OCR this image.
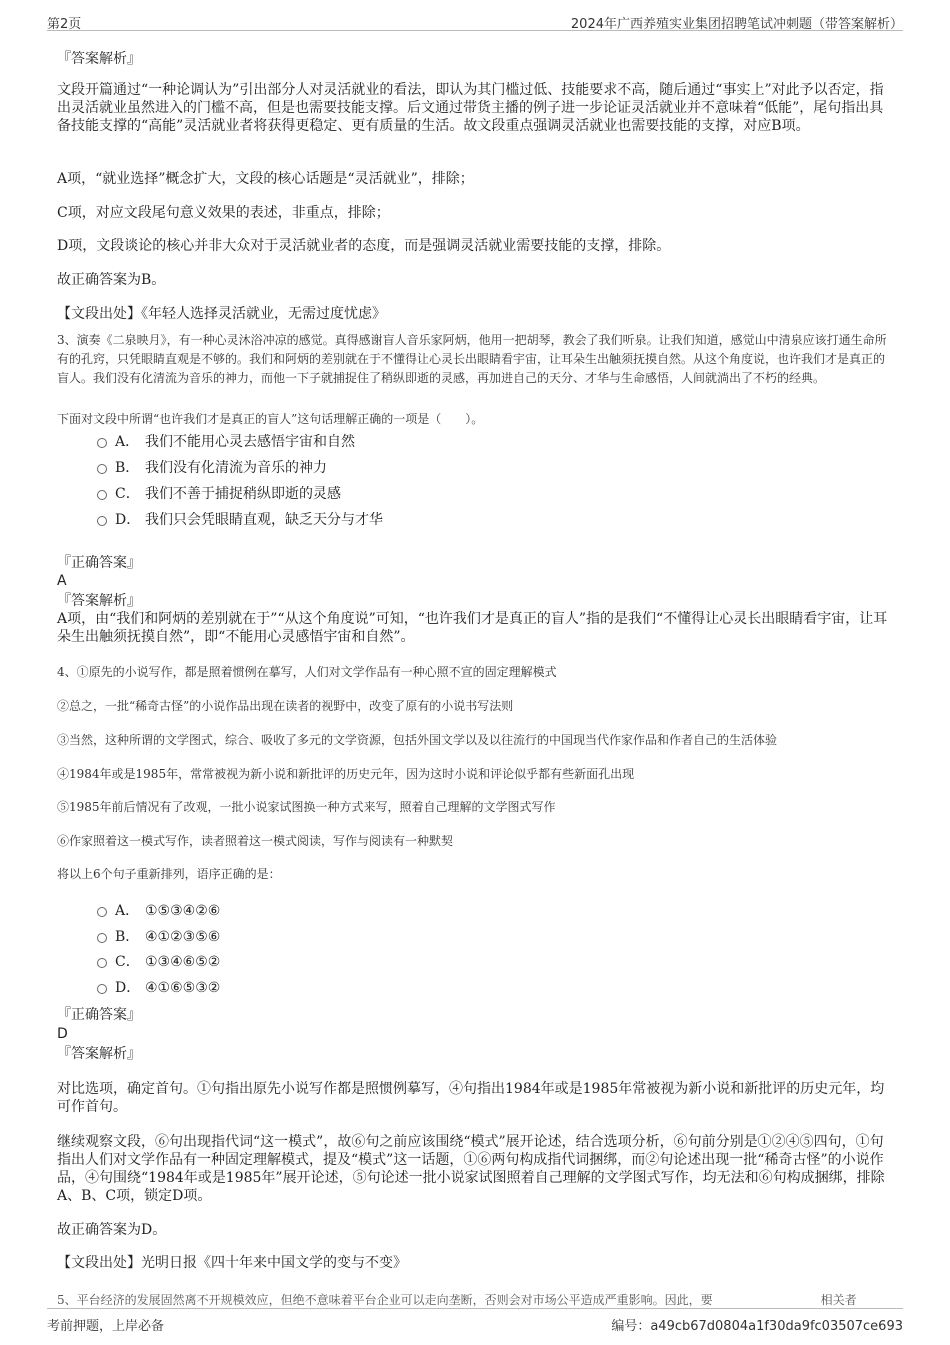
第2页	2024年广西养殖实业集团招聘笔试冲刺题（带答案解析）
『答案解析』
文段开篇通过“一种论调认为”引出部分人对灵活就业的看法，即认为其门槛过低、技能要求不高，随后通过“事实上”对此予以否定，指出灵活就业虽然进入的门槛不高，但是也需要技能支撑。后文通过带货主播的例子进一步论证灵活就业并不意味着“低能”，尾句指出具备技能支撑的“高能”灵活就业者将获得更稳定、更有质量的生活。故文段重点强调灵活就业也需要技能的支撑，对应B项。
A项，“就业选择”概念扩大，文段的核心话题是“灵活就业”，排除；
C项，对应文段尾句意义效果的表述，非重点，排除；
D项，文段谈论的核心并非大众对于灵活就业者的态度，而是强调灵活就业需要技能的支撑，排除。
故正确答案为B。
【文段出处】《年轻人选择灵活就业，无需过度忧虑》
3、演奏《二泉映月》，有一种心灵沐浴冲凉的感觉。真得感谢盲人音乐家阿炳，他用一把胡琴，教会了我们听泉。让我们知道，感觉山中清泉应该打通生命所有的孔窍，只凭眼睛直观是不够的。我们和阿炳的差别就在于不懂得让心灵长出眼睛看宇宙，让耳朵生出触须抚摸自然。从这个角度说，也许我们才是真正的盲人。我们没有化清流为音乐的神力，而他一下子就捕捉住了稍纵即逝的灵感，再加进自己的天分、才华与生命感悟，人间就淌出了不朽的经典。
下面对文段中所谓“也许我们才是真正的盲人”这句话理解正确的一项是（　　）。
A． 我们不能用心灵去感悟宇宙和自然
B． 我们没有化清流为音乐的神力
C． 我们不善于捕捉稍纵即逝的灵感
D． 我们只会凭眼睛直观，缺乏天分与才华
『正确答案』
A
『答案解析』
A项，由“我们和阿炳的差别就在于”“从这个角度说”可知，“也许我们才是真正的盲人”指的是我们“不懂得让心灵长出眼睛看宇宙，让耳朵生出触须抚摸自然”，即“不能用心灵感悟宇宙和自然”。
4、①原先的小说写作，都是照着惯例在摹写，人们对文学作品有一种心照不宣的固定理解模式
②总之，一批“稀奇古怪”的小说作品出现在读者的视野中，改变了原有的小说书写法则
③当然，这种所谓的文学图式，综合、吸收了多元的文学资源，包括外国文学以及以往流行的中国现当代作家作品和作者自己的生活体验
④1984年或是1985年，常常被视为新小说和新批评的历史元年，因为这时小说和评论似乎都有些新面孔出现
⑤1985年前后情况有了改观，一批小说家试图换一种方式来写，照着自己理解的文学图式写作
⑥作家照着这一模式写作，读者照着这一模式阅读，写作与阅读有一种默契
将以上6个句子重新排列，语序正确的是：
A． ①⑤③④②⑥
B． ④①②③⑤⑥
C． ①③④⑥⑤②
D． ④①⑥⑤③②
『正确答案』
D
『答案解析』
对比选项，确定首句。①句指出原先小说写作都是照惯例摹写，④句指出1984年或是1985年常被视为新小说和新批评的历史元年，均可作首句。
继续观察文段，⑥句出现指代词“这一模式”，故⑥句之前应该围绕“模式”展开论述，结合选项分析，⑥句前分别是①②④⑤四句，①句指出人们对文学作品有一种固定理解模式，提及“模式”这一话题，①⑥两句构成指代词捆绑，而②句论述出现一批“稀奇古怪”的小说作品，④句围绕“1984年或是1985年”展开论述，⑤句论述一批小说家试图照着自己理解的文学图式写作，均无法和⑥句构成捆绑，排除A、B、C项，锁定D项。
故正确答案为D。
【文段出处】光明日报《四十年来中国文学的变与不变》
5、平台经济的发展固然离不开规模效应，但绝不意味着平台企业可以走向垄断，否则会对市场公平造成严重影响。因此，要　　　　　　　　　相关者
考前押题，上岸必备	编号：a49cb67d0804a1f30da9fc03507ce693
